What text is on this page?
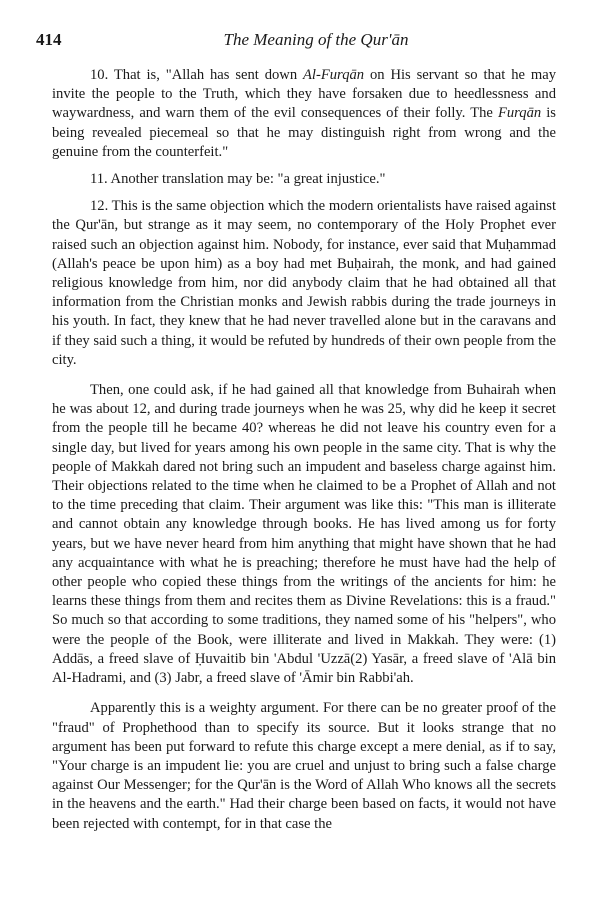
414	The Meaning of the Qur'ān

10. That is, "Allah has sent down Al-Furqān on His servant so that he may invite the people to the Truth, which they have forsaken due to heedlessness and waywardness, and warn them of the evil consequences of their folly. The Furqān is being revealed piecemeal so that he may distinguish right from wrong and the genuine from the counterfeit."

11. Another translation may be: "a great injustice."

12. This is the same objection which the modern orientalists have raised against the Qur'ān, but strange as it may seem, no contemporary of the Holy Prophet ever raised such an objection against him. Nobody, for instance, ever said that Muḥammad (Allah's peace be upon him) as a boy had met Buḥairah, the monk, and had gained religious knowledge from him, nor did anybody claim that he had obtained all that information from the Christian monks and Jewish rabbis during the trade journeys in his youth. In fact, they knew that he had never travelled alone but in the caravans and if they said such a thing, it would be refuted by hundreds of their own people from the city.

Then, one could ask, if he had gained all that knowledge from Buhairah when he was about 12, and during trade journeys when he was 25, why did he keep it secret from the people till he became 40? whereas he did not leave his country even for a single day, but lived for years among his own people in the same city. That is why the people of Makkah dared not bring such an impudent and baseless charge against him. Their objections related to the time when he claimed to be a Prophet of Allah and not to the time preceding that claim. Their argument was like this: "This man is illiterate and cannot obtain any knowledge through books. He has lived among us for forty years, but we have never heard from him anything that might have shown that he had any acquaintance with what he is preaching; therefore he must have had the help of other people who copied these things from the writings of the ancients for him: he learns these things from them and recites them as Divine Revelations: this is a fraud." So much so that according to some traditions, they named some of his "helpers", who were the people of the Book, were illiterate and lived in Makkah. They were: (1) Addās, a freed slave of Ḥuvaitib bin 'Abdul 'Uzzā(2) Yasār, a freed slave of 'Alā bin Al-Hadrami, and (3) Jabr, a freed slave of 'Āmir bin Rabbi'ah.

Apparently this is a weighty argument. For there can be no greater proof of the "fraud" of Prophethood than to specify its source. But it looks strange that no argument has been put forward to refute this charge except a mere denial, as if to say, "Your charge is an impudent lie: you are cruel and unjust to bring such a false charge against Our Messenger; for the Qur'ān is the Word of Allah Who knows all the secrets in the heavens and the earth." Had their charge been based on facts, it would not have been rejected with contempt, for in that case the
